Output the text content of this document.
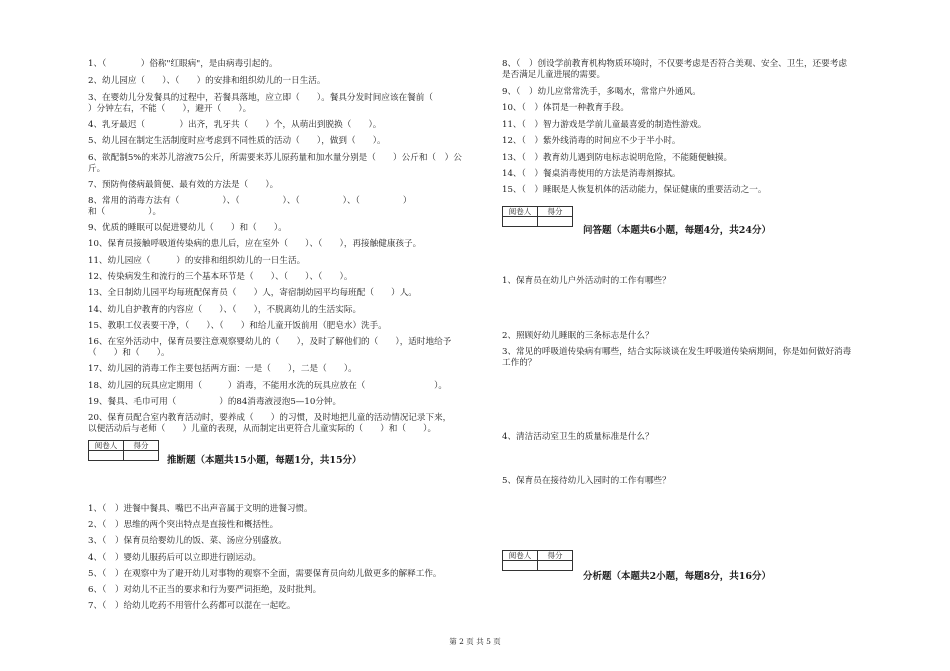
1、（　　　　）俗称"红眼病"，是由病毒引起的。
2、幼儿园应（　　）、（　　）的安排和组织幼儿的一日生活。
3、在婴幼儿分发餐具的过程中，若餐具落地，应立即（　　）。餐具分发时间应该在餐前（
）分钟左右，不能（　　），避开（　　）。
4、乳牙最迟（　　　　）出齐，乳牙共（　　）个，从萌出到脱换（　　）。
5、幼儿园在制定生活制度时应考虑到不同性质的活动（　　），做到（　　）。
6、欲配制5%的来苏儿溶液75公斤，所需要来苏儿原药量和加水量分别是（　　）公斤和（　）公
斤。
7、预防佝偻病最简便、最有效的方法是（　　）。
8、常用的消毒方法有（　　　　　）、（　　　　　）、（　　　　　）、（　　　　　）
和（　　　　　）。
9、优质的睡眠可以促进婴幼儿（　　）和（　　）。
10、保育员接触呼吸道传染病的患儿后，应在室外（　　）、（　　），再接触健康孩子。
11、幼儿园应（　　　）的安排和组织幼儿的一日生活。
12、传染病发生和流行的三个基本环节是（　　）、（　　）、（　　）。
13、全日制幼儿园平均每班配保育员（　　）人，寄宿制幼园平均每班配（　　）人。
14、幼儿自护教育的内容应（　　）、（　　），不脱离幼儿的生活实际。
15、教职工仪表要干净，（　　）、（　　）和给儿童开饭前用（肥皂水）洗手。
16、在室外活动中，保育员要注意观察婴幼儿的（　　），及时了解他们的（　　），适时地给予
（　　）和（　　）。
17、幼儿园的消毒工作主要包括两方面：一是（　　），二是（　　）。
18、幼儿园的玩具应定期用（　　　）消毒，不能用水洗的玩具应放在（　　　　　　　　）。
19、餐具、毛巾可用（　　　　　）的84消毒液浸泡5—10分钟。
20、保育员配合室内教育活动时，要养成（　　）的习惯，及时地把儿童的活动情况记录下来，
以便活动后与老师（　　）儿童的表现，从而制定出更符合儿童实际的（　　）和（　　）。
阅卷人	得分

推断题（本题共15小题，每题1分，共15分）
1、（　）进餐中餐具、嘴巴不出声音属于文明的进餐习惯。
2、（　）思维的两个突出特点是直接性和概括性。
3、（　）保育员给婴幼儿的饭、菜、汤应分别盛放。
4、（　）婴幼儿服药后可以立即进行剧运动。
5、（　）在观察中为了避开幼儿对事物的观察不全面，需要保育员向幼儿做更多的解释工作。
6、（　）对幼儿不正当的要求和行为要严词拒绝，及时批判。
7、（　）给幼儿吃药不用管什么药都可以混在一起吃。
8、（　）创设学前教育机构物质环境时，不仅要考虑是否符合美观、安全、卫生，还要考虑
是否满足儿童进展的需要。
9、（　）幼儿应常常洗手，多喝水，常常户外通风。
10、（　）体罚是一种教育手段。
11、（　）智力游戏是学前儿童最喜爱的制造性游戏。
12、（　）紫外线消毒的时间应不少于半小时。
13、（　）教育幼儿遇到防电标志说明危险，不能随便触摸。
14、（　）餐桌消毒使用的方法是消毒剂擦拭。
15、（　）睡眠是人恢复机体的活动能力，保证健康的重要活动之一。
阅卷人	得分

问答题（本题共6小题，每题4分，共24分）
1、保育员在幼儿户外活动时的工作有哪些？
2、照顾好幼儿睡眠的三条标志是什么？
3、常见的呼吸道传染病有哪些，结合实际谈谈在发生呼吸道传染病期间，你是如何做好消毒
工作的？
4、清洁活动室卫生的质量标准是什么？
5、保育员在接待幼儿入园时的工作有哪些？
阅卷人	得分

分析题（本题共2小题，每题8分，共16分）
第 2 页 共 5 页
